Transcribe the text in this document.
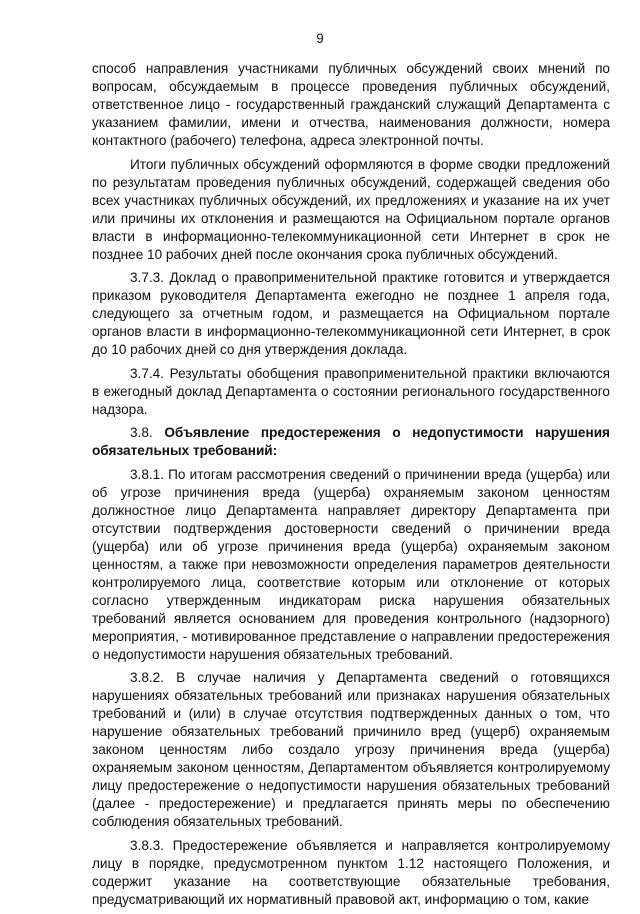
9

способ направления участниками публичных обсуждений своих мнений по вопросам, обсуждаемым в процессе проведения публичных обсуждений, ответственное лицо - государственный гражданский служащий Департамента с указанием фамилии, имени и отчества, наименования должности, номера контактного (рабочего) телефона, адреса электронной почты.

Итоги публичных обсуждений оформляются в форме сводки предложений по результатам проведения публичных обсуждений, содержащей сведения обо всех участниках публичных обсуждений, их предложениях и указание на их учет или причины их отклонения и размещаются на Официальном портале органов власти в информационно-телекоммуникационной сети Интернет в срок не позднее 10 рабочих дней после окончания срока публичных обсуждений.

3.7.3. Доклад о правоприменительной практике готовится и утверждается приказом руководителя Департамента ежегодно не позднее 1 апреля года, следующего за отчетным годом, и размещается на Официальном портале органов власти в информационно-телекоммуникационной сети Интернет, в срок до 10 рабочих дней со дня утверждения доклада.

3.7.4. Результаты обобщения правоприменительной практики включаются в ежегодный доклад Департамента о состоянии регионального государственного надзора.

3.8. Объявление предостережения о недопустимости нарушения обязательных требований:

3.8.1. По итогам рассмотрения сведений о причинении вреда (ущерба) или об угрозе причинения вреда (ущерба) охраняемым законом ценностям должностное лицо Департамента направляет директору Департамента при отсутствии подтверждения достоверности сведений о причинении вреда (ущерба) или об угрозе причинения вреда (ущерба) охраняемым законом ценностям, а также при невозможности определения параметров деятельности контролируемого лица, соответствие которым или отклонение от которых согласно утвержденным индикаторам риска нарушения обязательных требований является основанием для проведения контрольного (надзорного) мероприятия, - мотивированное представление о направлении предостережения о недопустимости нарушения обязательных требований.

3.8.2. В случае наличия у Департамента сведений о готовящихся нарушениях обязательных требований или признаках нарушения обязательных требований и (или) в случае отсутствия подтвержденных данных о том, что нарушение обязательных требований причинило вред (ущерб) охраняемым законом ценностям либо создало угрозу причинения вреда (ущерба) охраняемым законом ценностям, Департаментом объявляется контролируемому лицу предостережение о недопустимости нарушения обязательных требований (далее - предостережение) и предлагается принять меры по обеспечению соблюдения обязательных требований.

3.8.3. Предостережение объявляется и направляется контролируемому лицу в порядке, предусмотренном пунктом 1.12 настоящего Положения, и содержит указание на соответствующие обязательные требования, предусматривающий их нормативный правовой акт, информацию о том, какие
